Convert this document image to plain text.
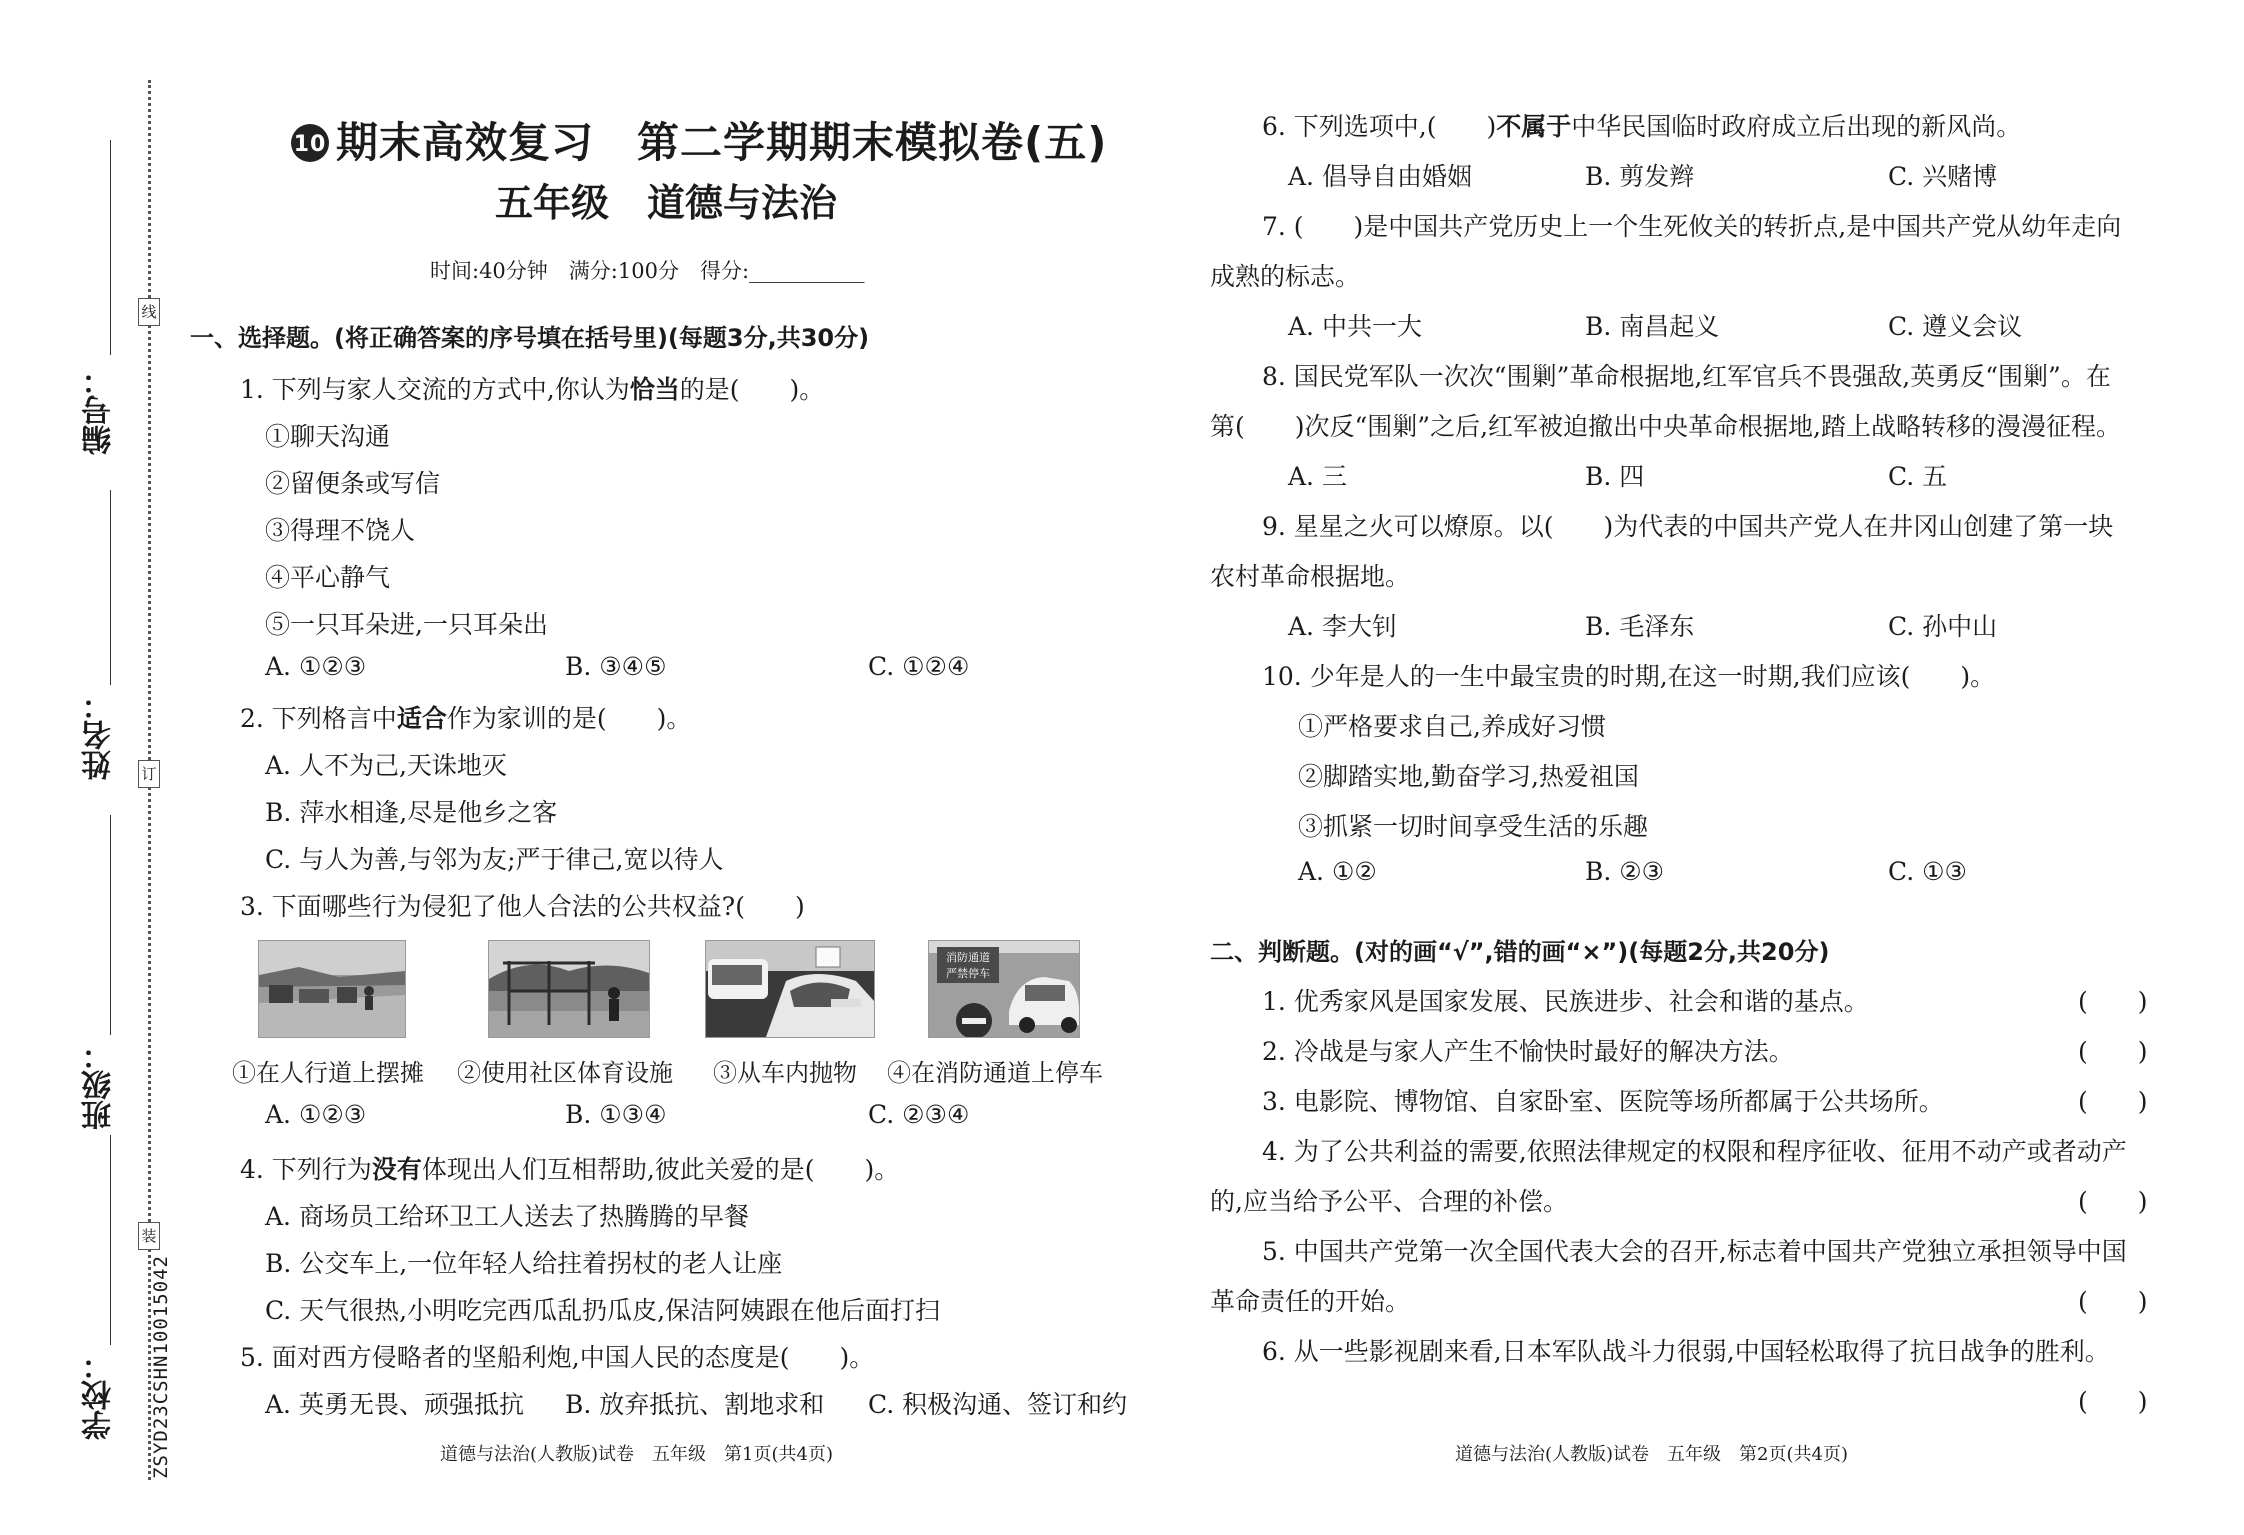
线
订
装
编号：
姓名：
班级：
学校： ZSYD23CSHN10015042
10 期末高效复习　第二学期期末模拟卷(五)
五年级　道德与法治
时间:40分钟　满分:100分　得分:___________
一、选择题。(将正确答案的序号填在括号里)(每题3分,共30分)
1. 下列与家人交流的方式中,你认为恰当的是(　　)。
①聊天沟通
②留便条或写信
③得理不饶人
④平心静气
⑤一只耳朵进,一只耳朵出
A. ①②③	B. ③④⑤	C. ①②④
2. 下列格言中适合作为家训的是(　　)。
A. 人不为己,天诛地灭
B. 萍水相逢,尽是他乡之客
C. 与人为善,与邻为友;严于律己,宽以待人
3. 下面哪些行为侵犯了他人合法的公共权益?(　　)
消防通道
严禁停车
①在人行道上摆摊 ②使用社区体育设施 ③从车内抛物 ④在消防通道上停车
A. ①②③	B. ①③④	C. ②③④
4. 下列行为没有体现出人们互相帮助,彼此关爱的是(　　)。
A. 商场员工给环卫工人送去了热腾腾的早餐
B. 公交车上,一位年轻人给拄着拐杖的老人让座
C. 天气很热,小明吃完西瓜乱扔瓜皮,保洁阿姨跟在他后面打扫
5. 面对西方侵略者的坚船利炮,中国人民的态度是(　　)。
A. 英勇无畏、顽强抵抗 B. 放弃抵抗、割地求和 C. 积极沟通、签订和约
道德与法治(人教版)试卷　五年级　第1页(共4页)
6. 下列选项中,(　　)不属于中华民国临时政府成立后出现的新风尚。
A. 倡导自由婚姻	B. 剪发辫	C. 兴赌博
7. (　　)是中国共产党历史上一个生死攸关的转折点,是中国共产党从幼年走向
成熟的标志。
A. 中共一大	B. 南昌起义	C. 遵义会议
8. 国民党军队一次次“围剿”革命根据地,红军官兵不畏强敌,英勇反“围剿”。在
第(　　)次反“围剿”之后,红军被迫撤出中央革命根据地,踏上战略转移的漫漫征程。
A. 三	B. 四	C. 五
9. 星星之火可以燎原。以(　　)为代表的中国共产党人在井冈山创建了第一块
农村革命根据地。
A. 李大钊	B. 毛泽东	C. 孙中山
10. 少年是人的一生中最宝贵的时期,在这一时期,我们应该(　　)。
①严格要求自己,养成好习惯
②脚踏实地,勤奋学习,热爱祖国
③抓紧一切时间享受生活的乐趣
A. ①②	B. ②③	C. ①③
二、判断题。(对的画“√”,错的画“×”)(每题2分,共20分)
1. 优秀家风是国家发展、民族进步、社会和谐的基点。	(　　)
2. 冷战是与家人产生不愉快时最好的解决方法。	(　　)
3. 电影院、博物馆、自家卧室、医院等场所都属于公共场所。	(　　)
4. 为了公共利益的需要,依照法律规定的权限和程序征收、征用不动产或者动产
的,应当给予公平、合理的补偿。	(　　)
5. 中国共产党第一次全国代表大会的召开,标志着中国共产党独立承担领导中国
革命责任的开始。	(　　)
6. 从一些影视剧来看,日本军队战斗力很弱,中国轻松取得了抗日战争的胜利。
(　　)
道德与法治(人教版)试卷　五年级　第2页(共4页)
